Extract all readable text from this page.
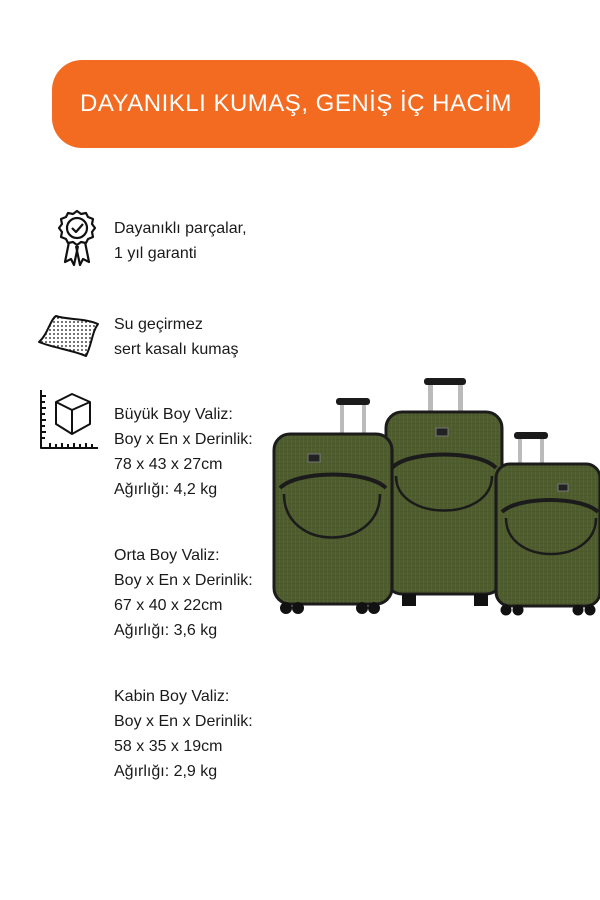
DAYANIKLI KUMAŞ, GENİŞ İÇ HACİM
Dayanıklı parçalar,
1 yıl garanti
Su geçirmez
sert kasalı kumaş
Büyük Boy Valiz:
Boy x En x Derinlik:
78 x 43 x 27cm
Ağırlığı: 4,2 kg
Orta Boy Valiz:
Boy x En x Derinlik:
67 x 40 x 22cm
Ağırlığı: 3,6 kg
Kabin Boy Valiz:
Boy x En x Derinlik:
58 x 35 x 19cm
Ağırlığı: 2,9 kg
